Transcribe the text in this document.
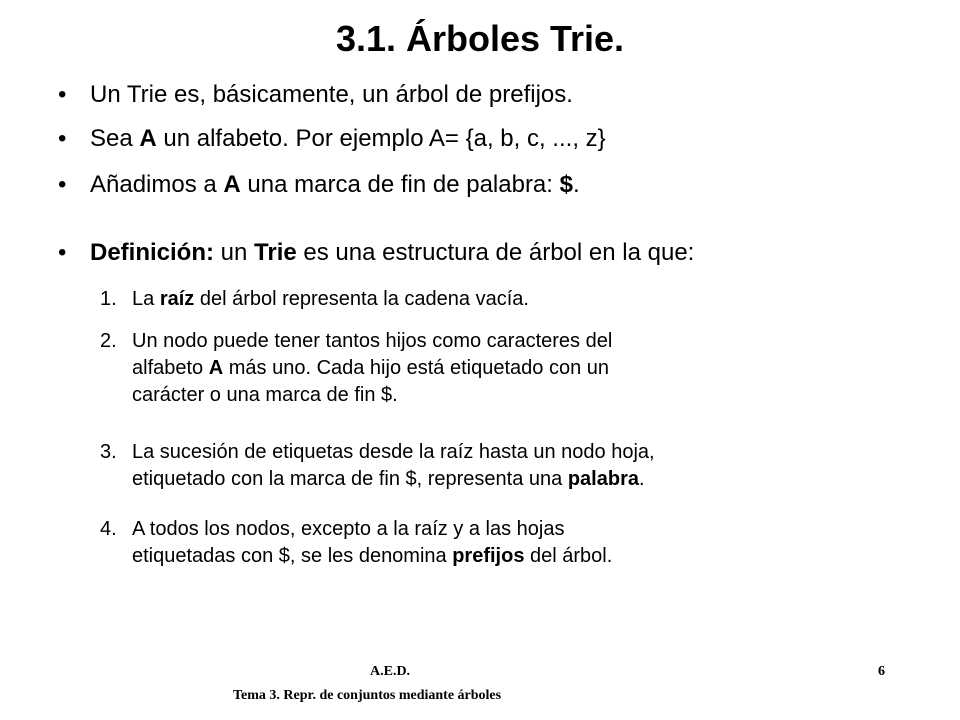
3.1. Árboles Trie.
• Un Trie es, básicamente, un árbol de prefijos.
• Sea A un alfabeto. Por ejemplo A= {a, b, c, ..., z}
• Añadimos a A una marca de fin de palabra: $.
• Definición: un Trie es una estructura de árbol en la que:
1. La raíz del árbol representa la cadena vacía.
2. Un nodo puede tener tantos hijos como caracteres del
alfabeto A más uno. Cada hijo está etiquetado con un
carácter o una marca de fin $.
3. La sucesión de etiquetas desde la raíz hasta un nodo hoja,
etiquetado con la marca de fin $, representa una palabra.
4. A todos los nodos, excepto a la raíz y a las hojas
etiquetadas con $, se les denomina prefijos del árbol.
A.E.D.	6
Tema 3. Repr. de conjuntos mediante árboles
